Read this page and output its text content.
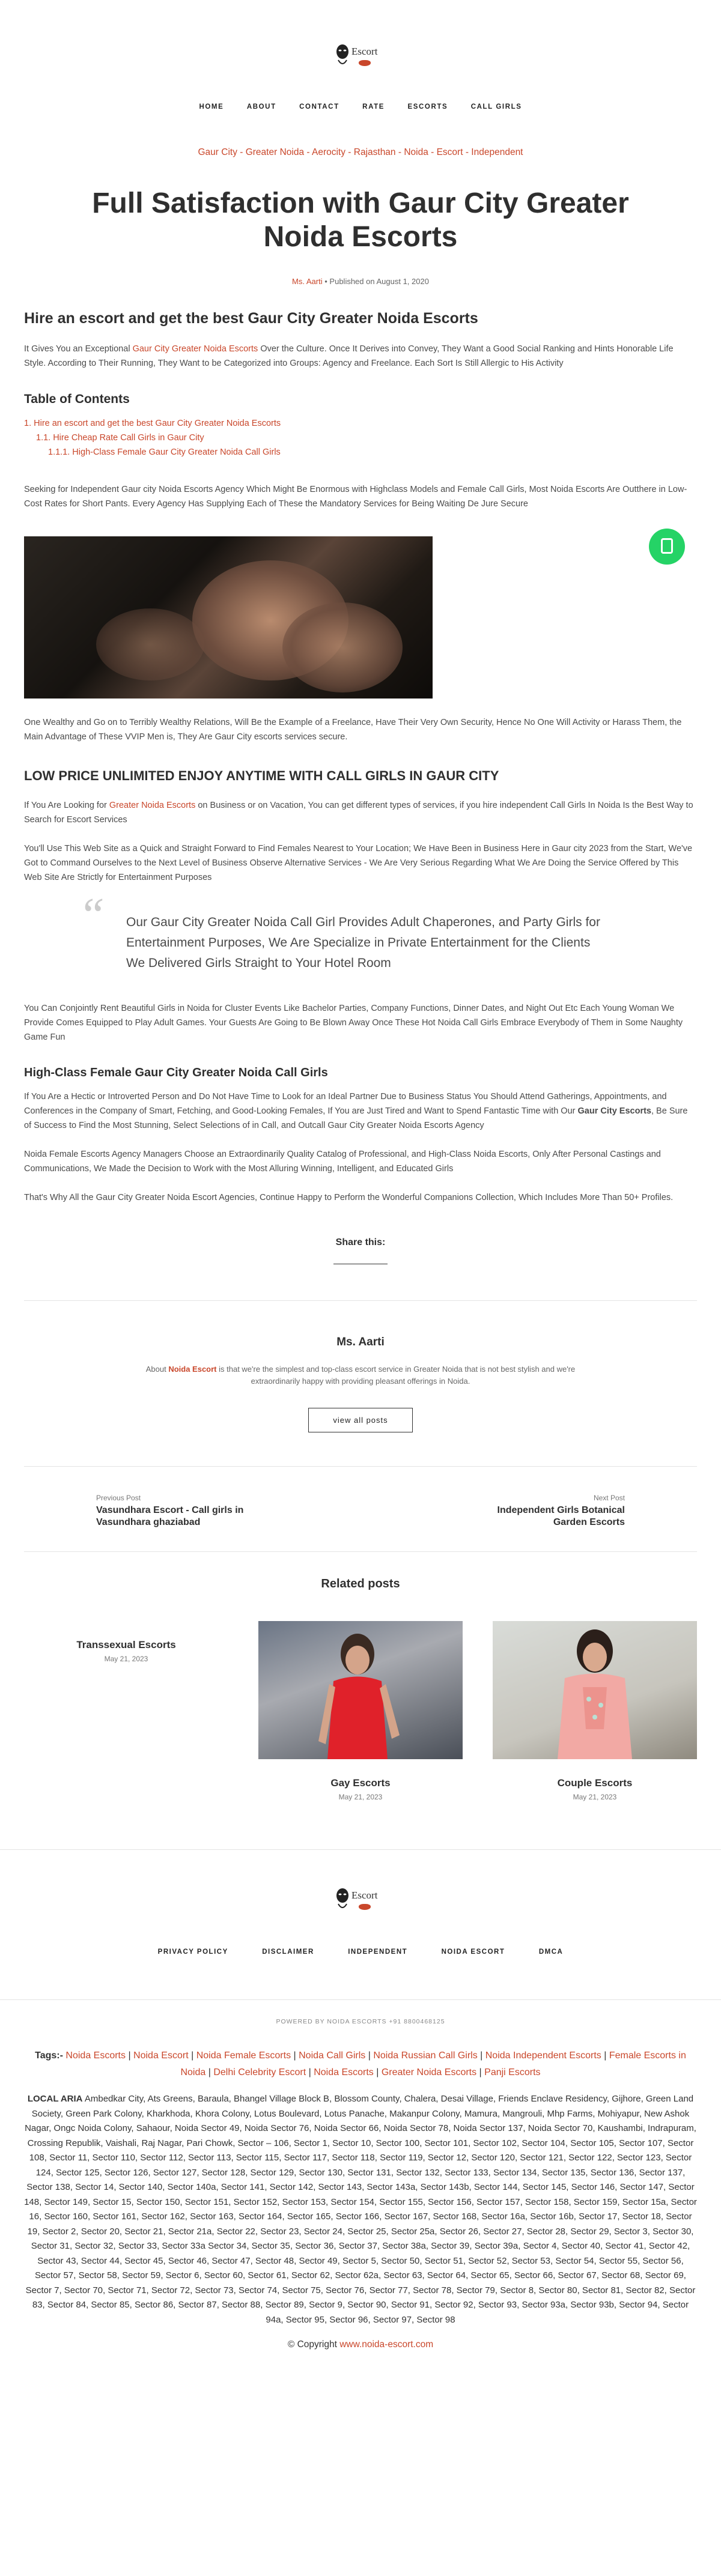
Escort
HOME	ABOUT	CONTACT	RATE	ESCORTS	CALL GIRLS
Gaur City - Greater Noida - Aerocity - Rajasthan - Noida - Escort - Independent
Full Satisfaction with Gaur City Greater Noida Escorts
Ms. Aarti • Published on August 1, 2020
Hire an escort and get the best Gaur City Greater Noida Escorts

It Gives You an Exceptional Gaur City Greater Noida Escorts Over the Culture. Once It Derives into Convey, They Want a Good Social Ranking and Hints Honorable Life Style. According to Their Running, They Want to be Categorized into Groups: Agency and Freelance. Each Sort Is Still Allergic to His Activity

Table of Contents
1. Hire an escort and get the best Gaur City Greater Noida Escorts
1.1. Hire Cheap Rate Call Girls in Gaur City
1.1.1. High-Class Female Gaur City Greater Noida Call Girls

Seeking for Independent Gaur city Noida Escorts Agency Which Might Be Enormous with Highclass Models and Female Call Girls, Most Noida Escorts Are Outthere in Low-Cost Rates for Short Pants. Every Agency Has Supplying Each of These the Mandatory Services for Being Waiting De Jure Secure

One Wealthy and Go on to Terribly Wealthy Relations, Will Be the Example of a Freelance, Have Their Very Own Security, Hence No One Will Activity or Harass Them, the Main Advantage of These VVIP Men is, They Are Gaur City escorts services secure.

LOW PRICE UNLIMITED ENJOY ANYTIME WITH CALL GIRLS IN GAUR CITY

If You Are Looking for Greater Noida Escorts on Business or on Vacation, You can get different types of services, if you hire independent Call Girls In Noida Is the Best Way to Search for Escort Services

You'll Use This Web Site as a Quick and Straight Forward to Find Females Nearest to Your Location; We Have Been in Business Here in Gaur city 2023 from the Start, We've Got to Command Ourselves to the Next Level of Business Observe Alternative Services - We Are Very Serious Regarding What We Are Doing the Service Offered by This Web Site Are Strictly for Entertainment Purposes

“ Our Gaur City Greater Noida Call Girl Provides Adult Chaperones, and Party Girls for Entertainment Purposes, We Are Specialize in Private Entertainment for the Clients We Delivered Girls Straight to Your Hotel Room

You Can Conjointly Rent Beautiful Girls in Noida for Cluster Events Like Bachelor Parties, Company Functions, Dinner Dates, and Night Out Etc Each Young Woman We Provide Comes Equipped to Play Adult Games. Your Guests Are Going to Be Blown Away Once These Hot Noida Call Girls Embrace Everybody of Them in Some Naughty Game Fun

High-Class Female Gaur City Greater Noida Call Girls

If You Are a Hectic or Introverted Person and Do Not Have Time to Look for an Ideal Partner Due to Business Status You Should Attend Gatherings, Appointments, and Conferences in the Company of Smart, Fetching, and Good-Looking Females, If You are Just Tired and Want to Spend Fantastic Time with Our Gaur City Escorts, Be Sure of Success to Find the Most Stunning, Select Selections of in Call, and Outcall Gaur City Greater Noida Escorts Agency

Noida Female Escorts Agency Managers Choose an Extraordinarily Quality Catalog of Professional, and High-Class Noida Escorts, Only After Personal Castings and Communications, We Made the Decision to Work with the Most Alluring Winning, Intelligent, and Educated Girls

That's Why All the Gaur City Greater Noida Escort Agencies, Continue Happy to Perform the Wonderful Companions Collection, Which Includes More Than 50+ Profiles.

Share this:
Ms. Aarti
About Noida Escort is that we're the simplest and top-class escort service in Greater Noida that is not best stylish and we're extraordinarily happy with providing pleasant offerings in Noida.
view all posts
Previous Post
Vasundhara Escort - Call girls in Vasundhara ghaziabad
Next Post
Independent Girls Botanical Garden Escorts
Related posts
Transsexual Escorts
May 21, 2023
Gay Escorts
May 21, 2023
Couple Escorts
May 21, 2023
Escort
PRIVACY POLICY	DISCLAIMER	INDEPENDENT	NOIDA ESCORT	DMCA
POWERED BY NOIDA ESCORTS +91 8800468125
Tags:- Noida Escorts | Noida Escort | Noida Female Escorts | Noida Call Girls | Noida Russian Call Girls | Noida Independent Escorts | Female Escorts in Noida | Delhi Celebrity Escort | Noida Escorts | Greater Noida Escorts | Panji Escorts
LOCAL ARIA Ambedkar City, Ats Greens, Baraula, Bhangel Village Block B, Blossom County, Chalera, Desai Village, Friends Enclave Residency, Gijhore, Green Land Society, Green Park Colony, Kharkhoda, Khora Colony, Lotus Boulevard, Lotus Panache, Makanpur Colony, Mamura, Mangrouli, Mhp Farms, Mohiyapur, New Ashok Nagar, Ongc Noida Colony, Sahaour, Noida Sector 49, Noida Sector 76, Noida Sector 66, Noida Sector 78, Noida Sector 137, Noida Sector 70, Kaushambi, Indrapuram, Crossing Republik, Vaishali, Raj Nagar, Pari Chowk, Sector – 106, Sector 1, Sector 10, Sector 100, Sector 101, Sector 102, Sector 104, Sector 105, Sector 107, Sector 108, Sector 11, Sector 110, Sector 112, Sector 113, Sector 115, Sector 117, Sector 118, Sector 119, Sector 12, Sector 120, Sector 121, Sector 122, Sector 123, Sector 124, Sector 125, Sector 126, Sector 127, Sector 128, Sector 129, Sector 130, Sector 131, Sector 132, Sector 133, Sector 134, Sector 135, Sector 136, Sector 137, Sector 138, Sector 14, Sector 140, Sector 140a, Sector 141, Sector 142, Sector 143, Sector 143a, Sector 143b, Sector 144, Sector 145, Sector 146, Sector 147, Sector 148, Sector 149, Sector 15, Sector 150, Sector 151, Sector 152, Sector 153, Sector 154, Sector 155, Sector 156, Sector 157, Sector 158, Sector 159, Sector 15a, Sector 16, Sector 160, Sector 161, Sector 162, Sector 163, Sector 164, Sector 165, Sector 166, Sector 167, Sector 168, Sector 16a, Sector 16b, Sector 17, Sector 18, Sector 19, Sector 2, Sector 20, Sector 21, Sector 21a, Sector 22, Sector 23, Sector 24, Sector 25, Sector 25a, Sector 26, Sector 27, Sector 28, Sector 29, Sector 3, Sector 30, Sector 31, Sector 32, Sector 33, Sector 33a Sector 34, Sector 35, Sector 36, Sector 37, Sector 38a, Sector 39, Sector 39a, Sector 4, Sector 40, Sector 41, Sector 42, Sector 43, Sector 44, Sector 45, Sector 46, Sector 47, Sector 48, Sector 49, Sector 5, Sector 50, Sector 51, Sector 52, Sector 53, Sector 54, Sector 55, Sector 56, Sector 57, Sector 58, Sector 59, Sector 6, Sector 60, Sector 61, Sector 62, Sector 62a, Sector 63, Sector 64, Sector 65, Sector 66, Sector 67, Sector 68, Sector 69, Sector 7, Sector 70, Sector 71, Sector 72, Sector 73, Sector 74, Sector 75, Sector 76, Sector 77, Sector 78, Sector 79, Sector 8, Sector 80, Sector 81, Sector 82, Sector 83, Sector 84, Sector 85, Sector 86, Sector 87, Sector 88, Sector 89, Sector 9, Sector 90, Sector 91, Sector 92, Sector 93, Sector 93a, Sector 93b, Sector 94, Sector 94a, Sector 95, Sector 96, Sector 97, Sector 98
© Copyright www.noida-escort.com
